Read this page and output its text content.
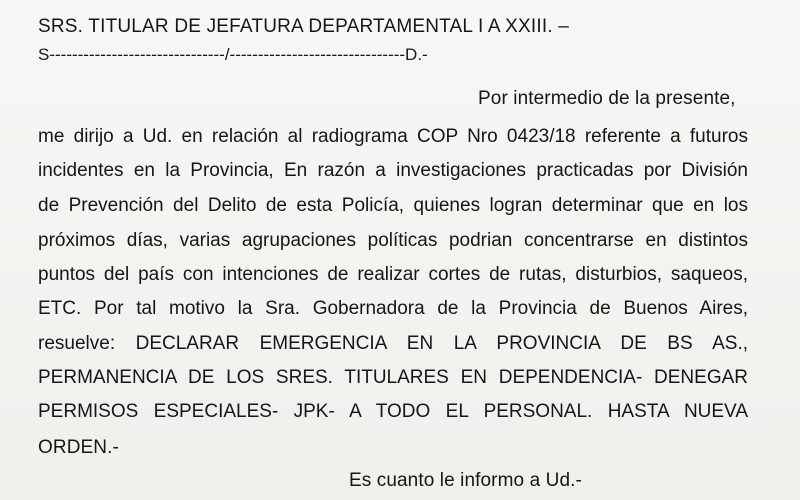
SRS. TITULAR DE JEFATURA DEPARTAMENTAL I A XXIII. –
S-------------------------------/-------------------------------D.-
Por intermedio de la presente,
me dirijo a Ud. en relación al radiograma COP Nro 0423/18 referente a futuros
incidentes en la Provincia, En razón a investigaciones practicadas por División
de Prevención del Delito de esta Policía, quienes logran determinar que en los
próximos días, varias agrupaciones políticas podrian concentrarse en distintos
puntos del país con intenciones de realizar cortes de rutas, disturbios, saqueos,
ETC. Por tal motivo la Sra. Gobernadora de la Provincia de Buenos Aires,
resuelve: DECLARAR EMERGENCIA EN LA PROVINCIA DE BS AS.,
PERMANENCIA DE LOS SRES. TITULARES EN DEPENDENCIA- DENEGAR
PERMISOS ESPECIALES- JPK- A TODO EL PERSONAL. HASTA NUEVA
ORDEN.-
Es cuanto le informo a Ud.-
